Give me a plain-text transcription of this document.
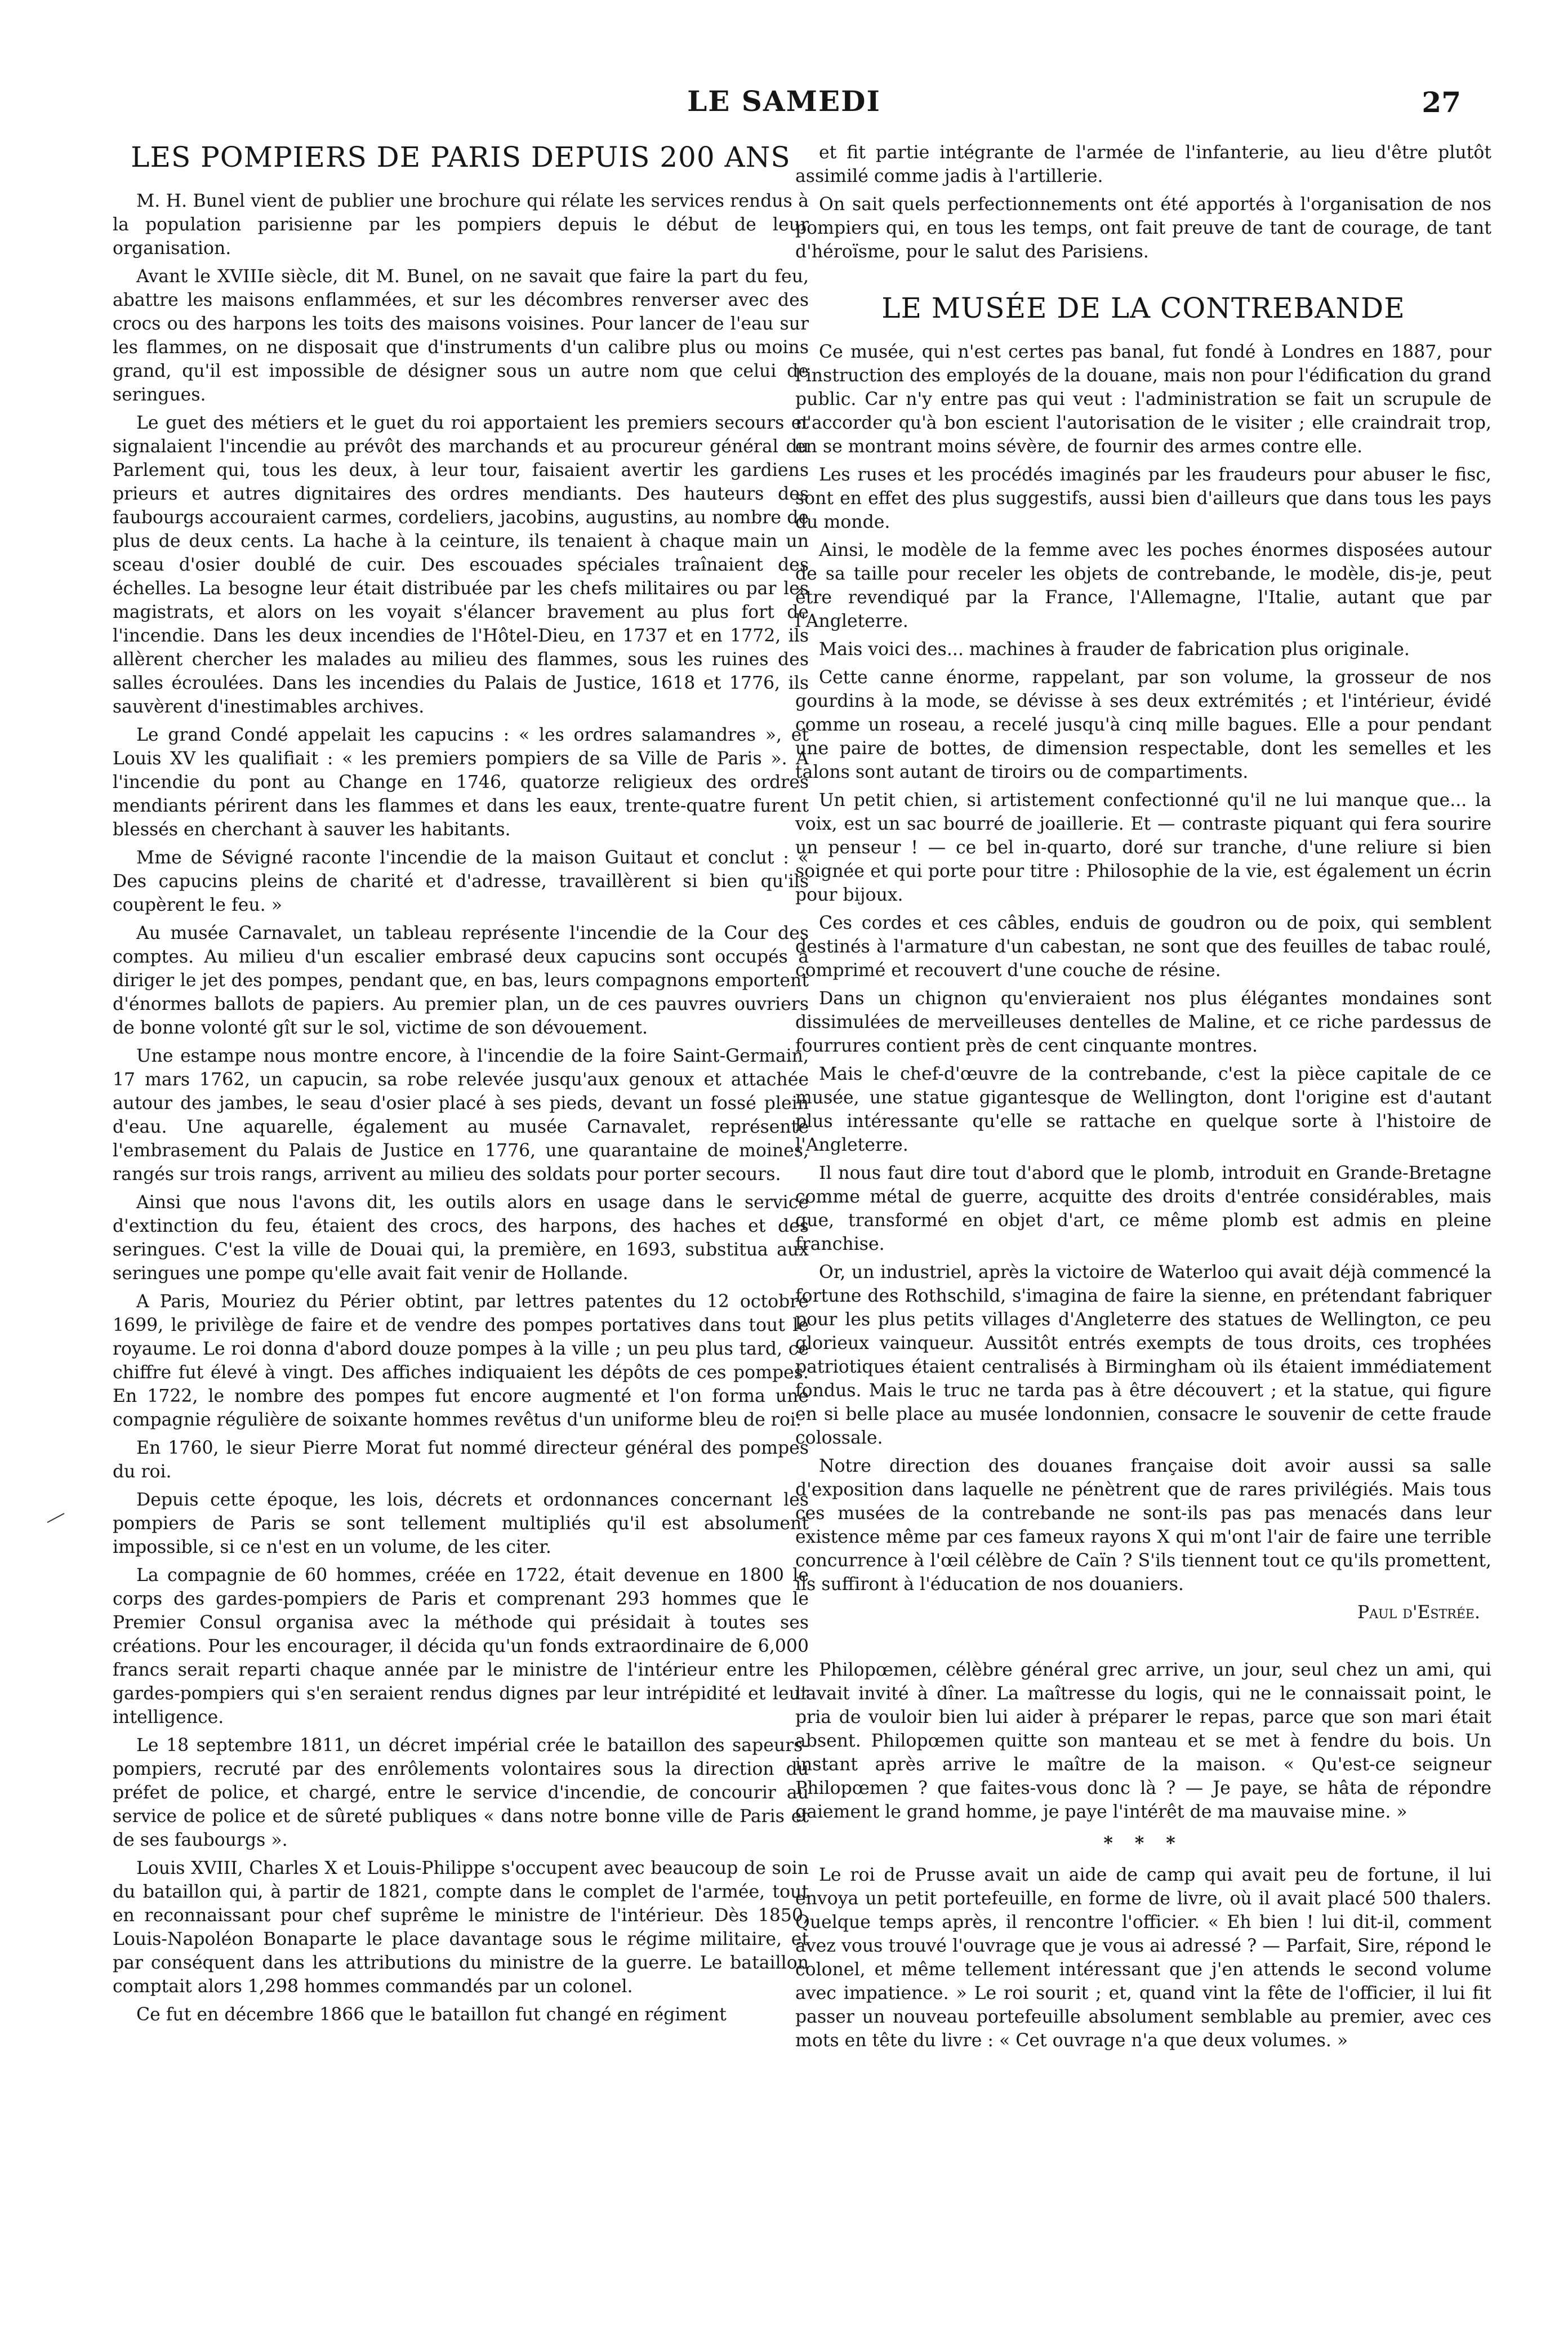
LE SAMEDI	27
LES POMPIERS DE PARIS DEPUIS 200 ANS

M. H. Bunel vient de publier une brochure qui rélate les services rendus à la population parisienne par les pompiers depuis le début de leur organisation.

Avant le XVIIIe siècle, dit M. Bunel, on ne savait que faire la part du feu, abattre les maisons enflammées, et sur les décombres renverser avec des crocs ou des harpons les toits des maisons voisines. Pour lancer de l'eau sur les flammes, on ne disposait que d'instruments d'un calibre plus ou moins grand, qu'il est impossible de désigner sous un autre nom que celui de seringues.

Le guet des métiers et le guet du roi apportaient les premiers secours et signalaient l'incendie au prévôt des marchands et au procureur général du Parlement qui, tous les deux, à leur tour, faisaient avertir les gardiens prieurs et autres dignitaires des ordres mendiants. Des hauteurs des faubourgs accouraient carmes, cordeliers, jacobins, augustins, au nombre de plus de deux cents. La hache à la ceinture, ils tenaient à chaque main un sceau d'osier doublé de cuir. Des escouades spéciales traînaient des échelles. La besogne leur était distribuée par les chefs militaires ou par les magistrats, et alors on les voyait s'élancer bravement au plus fort de l'incendie. Dans les deux incendies de l'Hôtel-Dieu, en 1737 et en 1772, ils allèrent chercher les malades au milieu des flammes, sous les ruines des salles écroulées. Dans les incendies du Palais de Justice, 1618 et 1776, ils sauvèrent d'inestimables archives.

Le grand Condé appelait les capucins : « les ordres salamandres », et Louis XV les qualifiait : « les premiers pompiers de sa Ville de Paris ». A l'incendie du pont au Change en 1746, quatorze religieux des ordres mendiants périrent dans les flammes et dans les eaux, trente-quatre furent blessés en cherchant à sauver les habitants.

Mme de Sévigné raconte l'incendie de la maison Guitaut et conclut : « Des capucins pleins de charité et d'adresse, travaillèrent si bien qu'ils coupèrent le feu. »

Au musée Carnavalet, un tableau représente l'incendie de la Cour des comptes. Au milieu d'un escalier embrasé deux capucins sont occupés à diriger le jet des pompes, pendant que, en bas, leurs compagnons emportent d'énormes ballots de papiers. Au premier plan, un de ces pauvres ouvriers de bonne volonté gît sur le sol, victime de son dévouement.

Une estampe nous montre encore, à l'incendie de la foire Saint-Germain, 17 mars 1762, un capucin, sa robe relevée jusqu'aux genoux et attachée autour des jambes, le seau d'osier placé à ses pieds, devant un fossé plein d'eau. Une aquarelle, également au musée Carnavalet, représente l'embrasement du Palais de Justice en 1776, une quarantaine de moines, rangés sur trois rangs, arrivent au milieu des soldats pour porter secours.

Ainsi que nous l'avons dit, les outils alors en usage dans le service d'extinction du feu, étaient des crocs, des harpons, des haches et des seringues. C'est la ville de Douai qui, la première, en 1693, substitua aux seringues une pompe qu'elle avait fait venir de Hollande.

A Paris, Mouriez du Périer obtint, par lettres patentes du 12 octobre 1699, le privilège de faire et de vendre des pompes portatives dans tout le royaume. Le roi donna d'abord douze pompes à la ville ; un peu plus tard, ce chiffre fut élevé à vingt. Des affiches indiquaient les dépôts de ces pompes. En 1722, le nombre des pompes fut encore augmenté et l'on forma une compagnie régulière de soixante hommes revêtus d'un uniforme bleu de roi.

En 1760, le sieur Pierre Morat fut nommé directeur général des pompes du roi.

Depuis cette époque, les lois, décrets et ordonnances concernant les pompiers de Paris se sont tellement multipliés qu'il est absolument impossible, si ce n'est en un volume, de les citer.

La compagnie de 60 hommes, créée en 1722, était devenue en 1800 le corps des gardes-pompiers de Paris et comprenant 293 hommes que le Premier Consul organisa avec la méthode qui présidait à toutes ses créations. Pour les encourager, il décida qu'un fonds extraordinaire de 6,000 francs serait reparti chaque année par le ministre de l'intérieur entre les gardes-pompiers qui s'en seraient rendus dignes par leur intrépidité et leur intelligence.

Le 18 septembre 1811, un décret impérial crée le bataillon des sapeurs-pompiers, recruté par des enrôlements volontaires sous la direction du préfet de police, et chargé, entre le service d'incendie, de concourir au service de police et de sûreté publiques « dans notre bonne ville de Paris et de ses faubourgs ».

Louis XVIII, Charles X et Louis-Philippe s'occupent avec beaucoup de soin du bataillon qui, à partir de 1821, compte dans le complet de l'armée, tout en reconnaissant pour chef suprême le ministre de l'intérieur. Dès 1850, Louis-Napoléon Bonaparte le place davantage sous le régime militaire, et par conséquent dans les attributions du ministre de la guerre. Le bataillon comptait alors 1,298 hommes commandés par un colonel.

Ce fut en décembre 1866 que le bataillon fut changé en régiment

et fit partie intégrante de l'armée de l'infanterie, au lieu d'être plutôt assimilé comme jadis à l'artillerie.

On sait quels perfectionnements ont été apportés à l'organisation de nos pompiers qui, en tous les temps, ont fait preuve de tant de courage, de tant d'héroïsme, pour le salut des Parisiens.

LE MUSÉE DE LA CONTREBANDE

Ce musée, qui n'est certes pas banal, fut fondé à Londres en 1887, pour l'instruction des employés de la douane, mais non pour l'édification du grand public. Car n'y entre pas qui veut : l'administration se fait un scrupule de n'accorder qu'à bon escient l'autorisation de le visiter ; elle craindrait trop, en se montrant moins sévère, de fournir des armes contre elle.

Les ruses et les procédés imaginés par les fraudeurs pour abuser le fisc, sont en effet des plus suggestifs, aussi bien d'ailleurs que dans tous les pays du monde.

Ainsi, le modèle de la femme avec les poches énormes disposées autour de sa taille pour receler les objets de contrebande, le modèle, dis-je, peut être revendiqué par la France, l'Allemagne, l'Italie, autant que par l'Angleterre.

Mais voici des... machines à frauder de fabrication plus originale.

Cette canne énorme, rappelant, par son volume, la grosseur de nos gourdins à la mode, se dévisse à ses deux extrémités ; et l'intérieur, évidé comme un roseau, a recelé jusqu'à cinq mille bagues. Elle a pour pendant une paire de bottes, de dimension respectable, dont les semelles et les talons sont autant de tiroirs ou de compartiments.

Un petit chien, si artistement confectionné qu'il ne lui manque que... la voix, est un sac bourré de joaillerie. Et — contraste piquant qui fera sourire un penseur ! — ce bel in-quarto, doré sur tranche, d'une reliure si bien soignée et qui porte pour titre : Philosophie de la vie, est également un écrin pour bijoux.

Ces cordes et ces câbles, enduis de goudron ou de poix, qui semblent destinés à l'armature d'un cabestan, ne sont que des feuilles de tabac roulé, comprimé et recouvert d'une couche de résine.

Dans un chignon qu'envieraient nos plus élégantes mondaines sont dissimulées de merveilleuses dentelles de Maline, et ce riche pardessus de fourrures contient près de cent cinquante montres.

Mais le chef-d'œuvre de la contrebande, c'est la pièce capitale de ce musée, une statue gigantesque de Wellington, dont l'origine est d'autant plus intéressante qu'elle se rattache en quelque sorte à l'histoire de l'Angleterre.

Il nous faut dire tout d'abord que le plomb, introduit en Grande-Bretagne comme métal de guerre, acquitte des droits d'entrée considérables, mais que, transformé en objet d'art, ce même plomb est admis en pleine franchise.

Or, un industriel, après la victoire de Waterloo qui avait déjà commencé la fortune des Rothschild, s'imagina de faire la sienne, en prétendant fabriquer pour les plus petits villages d'Angleterre des statues de Wellington, ce peu glorieux vainqueur. Aussitôt entrés exempts de tous droits, ces trophées patriotiques étaient centralisés à Birmingham où ils étaient immédiatement fondus. Mais le truc ne tarda pas à être découvert ; et la statue, qui figure en si belle place au musée londonnien, consacre le souvenir de cette fraude colossale.

Notre direction des douanes française doit avoir aussi sa salle d'exposition dans laquelle ne pénètrent que de rares privilégiés. Mais tous ces musées de la contrebande ne sont-ils pas pas menacés dans leur existence même par ces fameux rayons X qui m'ont l'air de faire une terrible concurrence à l'œil célèbre de Caïn ? S'ils tiennent tout ce qu'ils promettent, ils suffiront à l'éducation de nos douaniers.

Paul d'Estrée.

Philopœmen, célèbre général grec arrive, un jour, seul chez un ami, qui l'avait invité à dîner. La maîtresse du logis, qui ne le connaissait point, le pria de vouloir bien lui aider à préparer le repas, parce que son mari était absent. Philopœmen quitte son manteau et se met à fendre du bois. Un instant après arrive le maître de la maison. « Qu'est-ce seigneur Philopœmen ? que faites-vous donc là ? — Je paye, se hâta de répondre gaiement le grand homme, je paye l'intérêt de ma mauvaise mine. »

* * *

Le roi de Prusse avait un aide de camp qui avait peu de fortune, il lui envoya un petit portefeuille, en forme de livre, où il avait placé 500 thalers. Quelque temps après, il rencontre l'officier. « Eh bien ! lui dit-il, comment avez vous trouvé l'ouvrage que je vous ai adressé ? — Parfait, Sire, répond le colonel, et même tellement intéressant que j'en attends le second volume avec impatience. » Le roi sourit ; et, quand vint la fête de l'officier, il lui fit passer un nouveau portefeuille absolument semblable au premier, avec ces mots en tête du livre : « Cet ouvrage n'a que deux volumes. »
